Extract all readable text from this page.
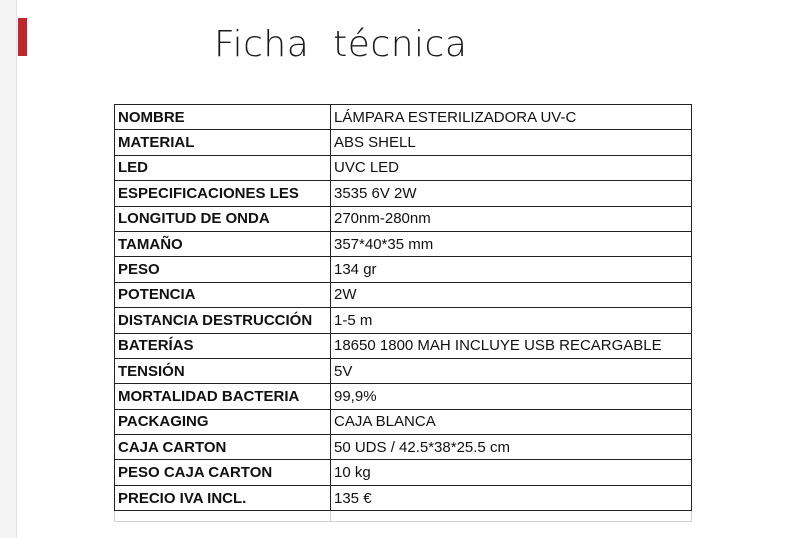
Ficha  técnica
NOMBRE	LÁMPARA ESTERILIZADORA UV-C
MATERIAL	ABS SHELL
LED	UVC LED
ESPECIFICACIONES LES	3535 6V 2W
LONGITUD DE ONDA	270nm-280nm
TAMAÑO	357*40*35 mm
PESO	134 gr
POTENCIA	2W
DISTANCIA DESTRUCCIÓN	1-5 m
BATERÍAS	18650 1800 MAH INCLUYE USB RECARGABLE
TENSIÓN	5V
MORTALIDAD BACTERIA	99,9%
PACKAGING	CAJA BLANCA
CAJA CARTON	50 UDS / 42.5*38*25.5 cm
PESO CAJA CARTON	10 kg
PRECIO IVA INCL.	135 €
